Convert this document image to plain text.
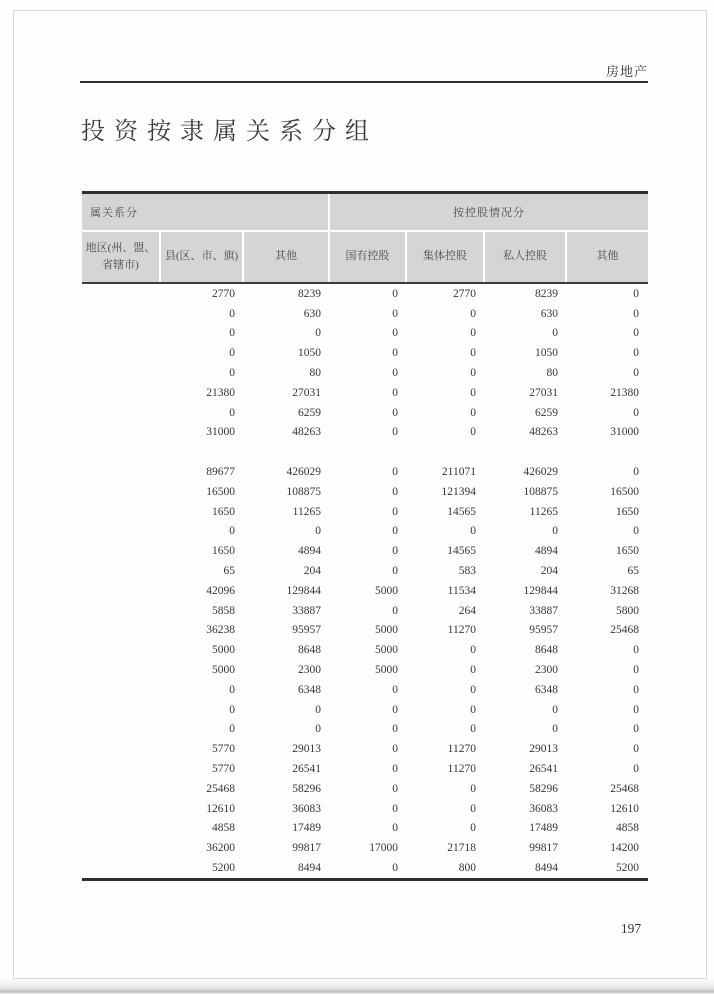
房地产
投资按隶属关系分组
属关系分	按控股情况分
地区(州、盟、省辖市)
县(区、市、旗)	其他	国有控股	集体控股	私人控股	其他
2770	8239	0	2770	8239	0
0	630	0	0	630	0
0	0	0	0	0	0
0	1050	0	0	1050	0
0	80	0	0	80	0
21380	27031	0	0	27031	21380
0	6259	0	0	6259	0
31000	48263	0	0	48263	31000
89677	426029	0	211071	426029	0
16500	108875	0	121394	108875	16500
1650	11265	0	14565	11265	1650
0	0	0	0	0	0
1650	4894	0	14565	4894	1650
65	204	0	583	204	65
42096	129844	5000	11534	129844	31268
5858	33887	0	264	33887	5800
36238	95957	5000	11270	95957	25468
5000	8648	5000	0	8648	0
5000	2300	5000	0	2300	0
0	6348	0	0	6348	0
0	0	0	0	0	0
0	0	0	0	0	0
5770	29013	0	11270	29013	0
5770	26541	0	11270	26541	0
25468	58296	0	0	58296	25468
12610	36083	0	0	36083	12610
4858	17489	0	0	17489	4858
36200	99817	17000	21718	99817	14200
5200	8494	0	800	8494	5200
197
